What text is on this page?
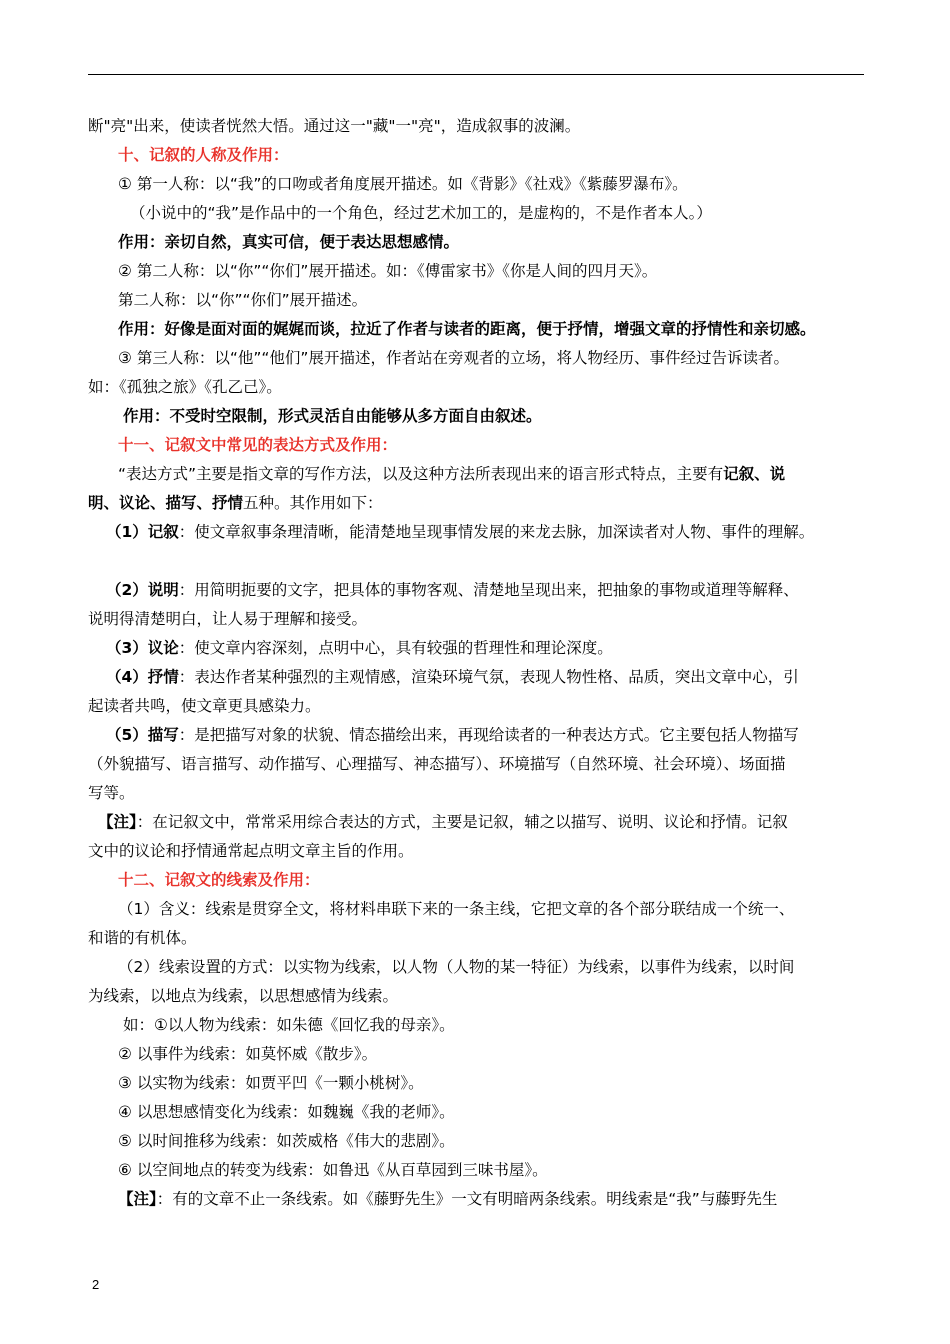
断"亮"出来，使读者恍然大悟。通过这一"藏"一"亮"，造成叙事的波澜。
十、记叙的人称及作用：
① 第一人称：以“我”的口吻或者角度展开描述。如《背影》《社戏》《紫藤罗瀑布》。
（小说中的“我”是作品中的一个角色，经过艺术加工的，是虚构的，不是作者本人。）
作用：亲切自然，真实可信，便于表达思想感情。
② 第二人称：以“你”“你们”展开描述。如：《傅雷家书》《你是人间的四月天》。
第二人称：以“你”“你们”展开描述。
作用：好像是面对面的娓娓而谈，拉近了作者与读者的距离，便于抒情，增强文章的抒情性和亲切感。
③ 第三人称：以“他”“他们”展开描述，作者站在旁观者的立场，将人物经历、事件经过告诉读者。
如：《孤独之旅》《孔乙己》。
作用：不受时空限制，形式灵活自由能够从多方面自由叙述。
十一、记叙文中常见的表达方式及作用：
“表达方式”主要是指文章的写作方法，以及这种方法所表现出来的语言形式特点，主要有记叙、说
明、议论、描写、抒情五种。其作用如下：
（1）记叙：使文章叙事条理清晰，能清楚地呈现事情发展的来龙去脉，加深读者对人物、事件的理解。
（2）说明：用简明扼要的文字，把具体的事物客观、清楚地呈现出来，把抽象的事物或道理等解释、
说明得清楚明白，让人易于理解和接受。
（3）议论：使文章内容深刻，点明中心，具有较强的哲理性和理论深度。
（4）抒情：表达作者某种强烈的主观情感，渲染环境气氛，表现人物性格、品质，突出文章中心，引
起读者共鸣，使文章更具感染力。
（5）描写：是把描写对象的状貌、情态描绘出来，再现给读者的一种表达方式。它主要包括人物描写
（外貌描写、语言描写、动作描写、心理描写、神态描写）、环境描写（自然环境、社会环境）、场面描
写等。
【注】：在记叙文中，常常采用综合表达的方式，主要是记叙，辅之以描写、说明、议论和抒情。记叙
文中的议论和抒情通常起点明文章主旨的作用。
十二、记叙文的线索及作用：
（1）含义：线索是贯穿全文，将材料串联下来的一条主线，它把文章的各个部分联结成一个统一、
和谐的有机体。
（2）线索设置的方式：以实物为线索，以人物（人物的某一特征）为线索，以事件为线索，以时间
为线索，以地点为线索，以思想感情为线索。
如：①以人物为线索：如朱德《回忆我的母亲》。
② 以事件为线索：如莫怀威《散步》。
③ 以实物为线索：如贾平凹《一颗小桃树》。
④ 以思想感情变化为线索：如魏巍《我的老师》。
⑤ 以时间推移为线索：如茨威格《伟大的悲剧》。
⑥ 以空间地点的转变为线索：如鲁迅《从百草园到三味书屋》。
【注】：有的文章不止一条线索。如《藤野先生》一文有明暗两条线索。明线索是“我”与藤野先生
2
